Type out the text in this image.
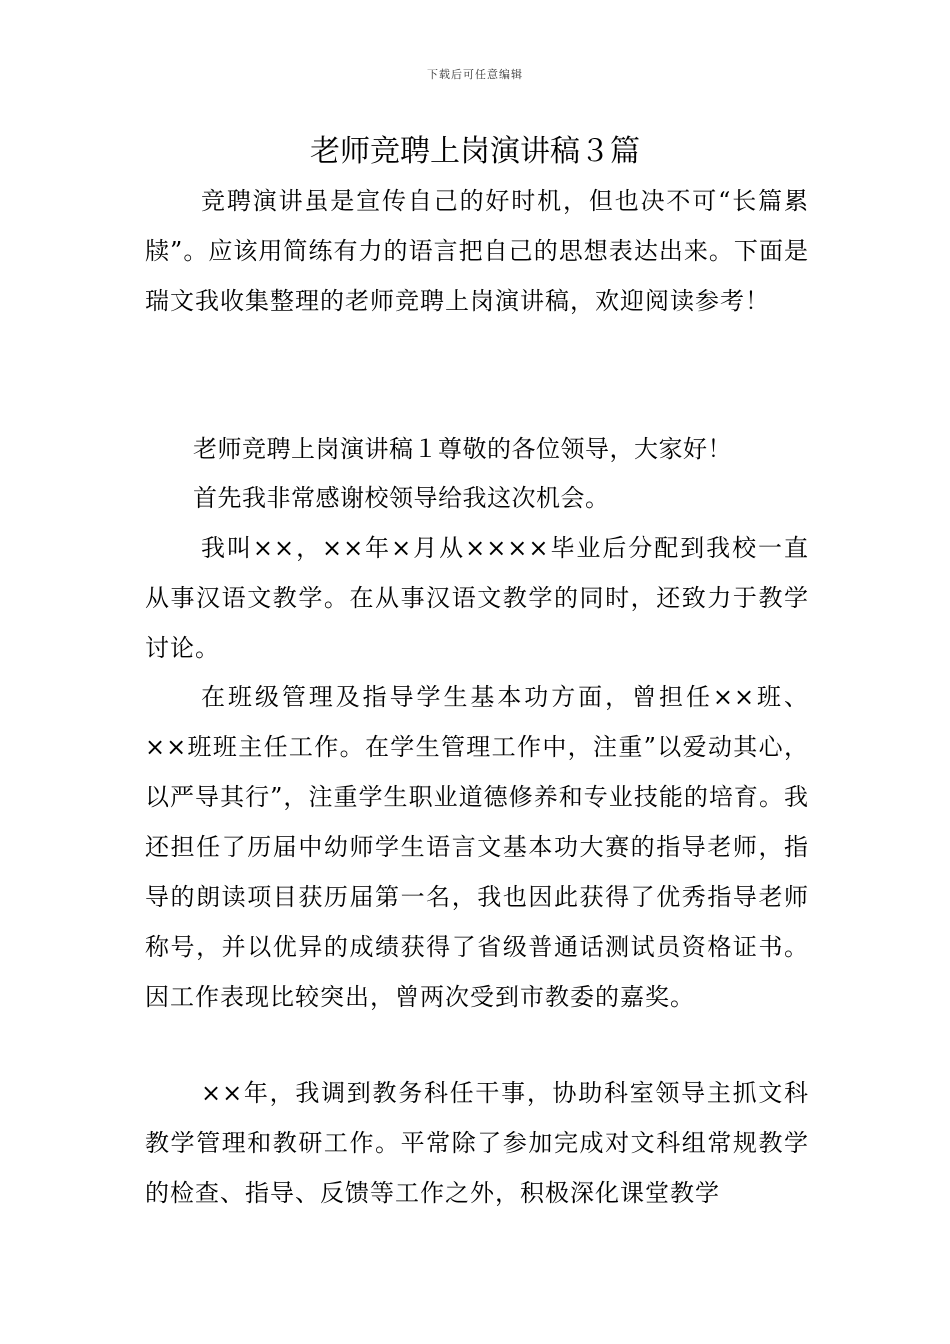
下载后可任意编辑
老师竞聘上岗演讲稿３篇

竞聘演讲虽是宣传自己的好时机，但也决不可“长篇累牍”。应该用简练有力的语言把自己的思想表达出来。下面是瑞文我收集整理的老师竞聘上岗演讲稿，欢迎阅读参考！

老师竞聘上岗演讲稿１尊敬的各位领导，大家好！

首先我非常感谢校领导给我这次机会。

我叫××，××年×月从××××毕业后分配到我校一直从事汉语文教学。在从事汉语文教学的同时，还致力于教学讨论。

在班级管理及指导学生基本功方面，曾担任××班、××班班主任工作。在学生管理工作中，注重”以爱动其心，以严导其行”，注重学生职业道德修养和专业技能的培育。我还担任了历届中幼师学生语言文基本功大赛的指导老师，指导的朗读项目获历届第一名，我也因此获得了优秀指导老师称号，并以优异的成绩获得了省级普通话测试员资格证书。因工作表现比较突出，曾两次受到市教委的嘉奖。

××年，我调到教务科任干事，协助科室领导主抓文科教学管理和教研工作。平常除了参加完成对文科组常规教学的检查、指导、反馈等工作之外，积极深化课堂教学
